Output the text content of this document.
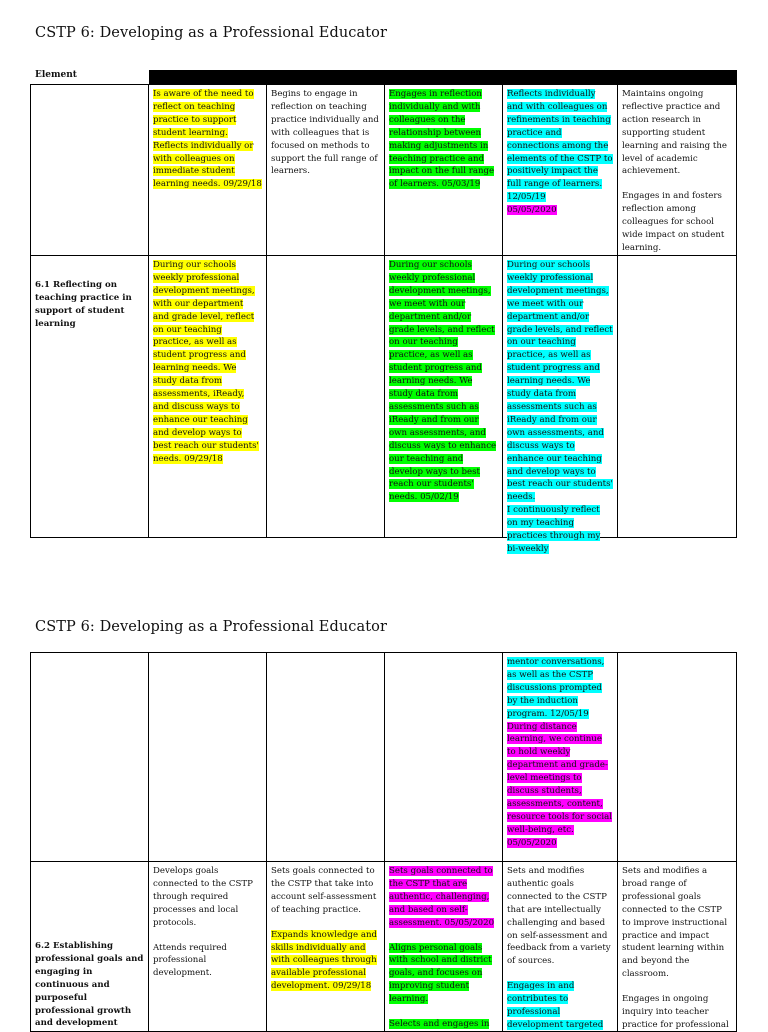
CSTP 6: Developing as a Professional Educator
Element

Is aware of the need to reflect on teaching practice to support student learning.

Reflects individually or with colleagues on immediate student learning needs. 09/29/18

Begins to engage in reflection on teaching practice individually and with colleagues that is focused on methods to support the full range of learners.

Engages in reflection individually and with colleagues on the relationship between making adjustments in teaching practice and impact on the full range of learners. 05/03/19

Reflects individually and with colleagues on refinements in teaching practice and connections among the elements of the CSTP to positively impact the full range of learners. 12/05/19

05/05/2020

Maintains ongoing reflective practice and action research in supporting student learning and raising the level of academic achievement.

Engages in and fosters reflection among colleagues for school wide impact on student learning.

6.1 Reflecting on teaching practice in support of student learning

During our schools weekly professional development meetings, with our department and grade level, reflect on our teaching practice, as well as student progress and learning needs. We study data from assessments, iReady, and discuss ways to enhance our teaching and develop ways to best reach our students' needs. 09/29/18

During our schools weekly professional development meetings, we meet with our department and/or grade levels, and reflect on our teaching practice, as well as student progress and learning needs. We study data from assessments such as iReady and from our own assessments, and discuss ways to enhance our teaching and develop ways to best reach our students' needs. 05/02/19

During our schools weekly professional development meetings, we meet with our department and/or grade levels, and reflect on our teaching practice, as well as student progress and learning needs. We study data from assessments such as iReady and from our own assessments, and discuss ways to enhance our teaching and develop ways to best reach our students' needs.

I continuously reflect on my teaching practices through my bi-weekly

CSTP 6: Developing as a Professional Educator

mentor conversations, as well as the CSTP discussions prompted by the induction program. 12/05/19

During distance learning, we continue to hold weekly department and grade-level meetings to discuss students, assessments, content, resource tools for social well-being, etc.

05/05/2020

6.2 Establishing professional goals and engaging in continuous and purposeful professional growth and development

Develops goals connected to the CSTP through required processes and local protocols.

Attends required professional development.

Sets goals connected to the CSTP that take into account self-assessment of teaching practice.

Expands knowledge and skills individually and with colleagues through available professional development. 09/29/18

Sets goals connected to the CSTP that are authentic, challenging, and based on self-assessment. 05/05/2020

Aligns personal goals with school and district goals, and focuses on improving student learning.

Selects and engages in

Sets and modifies authentic goals connected to the CSTP that are intellectually challenging and based on self-assessment and feedback from a variety of sources.

Engages in and contributes to professional development targeted

Sets and modifies a broad range of professional goals connected to the CSTP to improve instructional practice and impact student learning within and beyond the classroom.

Engages in ongoing inquiry into teacher practice for professional
